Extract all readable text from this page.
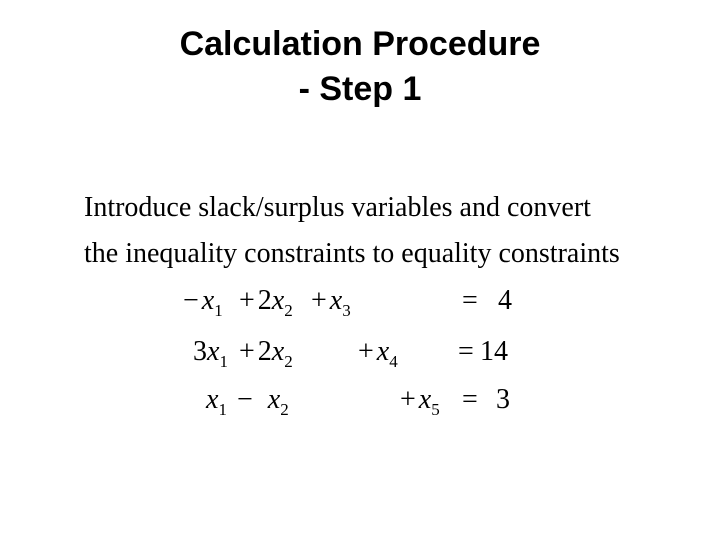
Calculation Procedure
- Step 1
Introduce slack/surplus variables and convert
the inequality constraints to equality constraints
− $x_1 + 2x_2 + x_3$	= 4
$3x_1 + 2x_2 + x_4 = 14$
$x_1 - x_2$	+ $x_5 = 3$
